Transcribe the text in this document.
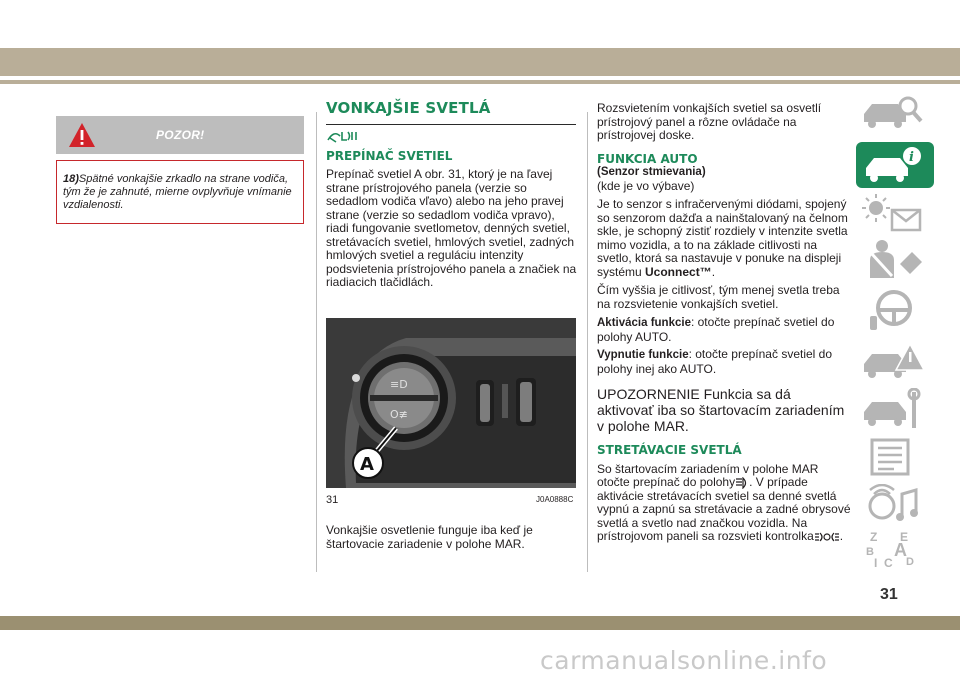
POZOR!
18)Spätné vonkajšie zrkadlo na strane vodiča, tým že je zahnuté, mierne ovplyvňuje vnímanie vzdialenosti.
VONKAJŠIE SVETLÁ
PREPÍNAČ SVETIEL

Prepínač svetiel A obr. 31, ktorý je na ľavej strane prístrojového panela (verzie so sedadlom vodiča vľavo) alebo na jeho pravej strane (verzie so sedadlom vodiča vpravo), riadi fungovanie svetlometov, denných svetiel, stretávacích svetiel, hmlových svetiel, zadných hmlových svetiel a reguláciu intenzity podsvietenia prístrojového panela a značiek na riadiacich tlačidlách.

≡D
O≢
A
31	J0A0888C

Vonkajšie osvetlenie funguje iba keď je štartovacie zariadenie v polohe MAR.

Rozsvietením vonkajších svetiel sa osvetlí prístrojový panel a rôzne ovládače na prístrojovej doske.

FUNKCIA AUTO
(Senzor stmievania)

(kde je vo výbave)

Je to senzor s infračervenými diódami, spojený so senzorom dažďa a nainštalovaný na čelnom skle, je schopný zistiť rozdiely v intenzite svetla mimo vozidla, a to na základe citlivosti na svetlo, ktorá sa nastavuje v ponuke na displeji systému Uconnect™.

Čím vyššia je citlivosť, tým menej svetla treba na rozsvietenie vonkajších svetiel.

Aktivácia funkcie: otočte prepínač svetiel do polohy AUTO.

Vypnutie funkcie: otočte prepínač svetiel do polohy inej ako AUTO.

UPOZORNENIE Funkcia sa dá aktivovať iba so štartovacím zariadením v polohe MAR.

STRETÁVACIE SVETLÁ

So štartovacím zariadením v polohe MAR otočte prepínač do polohy . V prípade aktivácie stretávacích svetiel sa denné svetlá vypnú a zapnú sa stretávacie a zadné obrysové svetlá a svetlo nad značkou vozidla. Na prístrojovom paneli sa rozsvieti kontrolka .

i
Z E
B A
I C D
31
carmanualsonline.info
